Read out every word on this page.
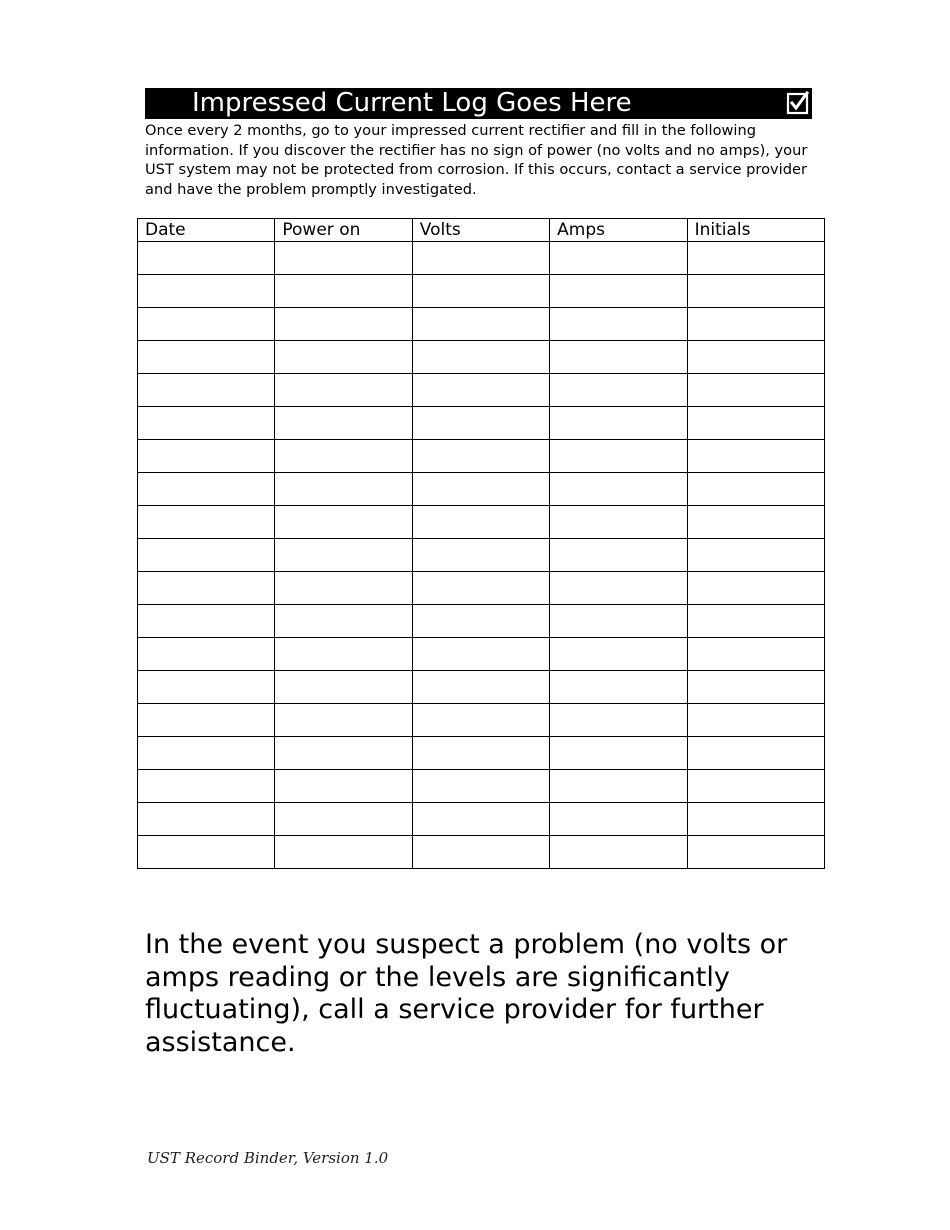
Impressed Current Log Goes Here

Once every 2 months, go to your impressed current rectifier and fill in the following information. If you discover the rectifier has no sign of power (no volts and no amps), your UST system may not be protected from corrosion. If this occurs, contact a service provider and have the problem promptly investigated.

Date	Power on	Volts	Amps	Initials

In the event you suspect a problem (no volts or amps reading or the levels are significantly fluctuating), call a service provider for further assistance.

UST Record Binder, Version 1.0
